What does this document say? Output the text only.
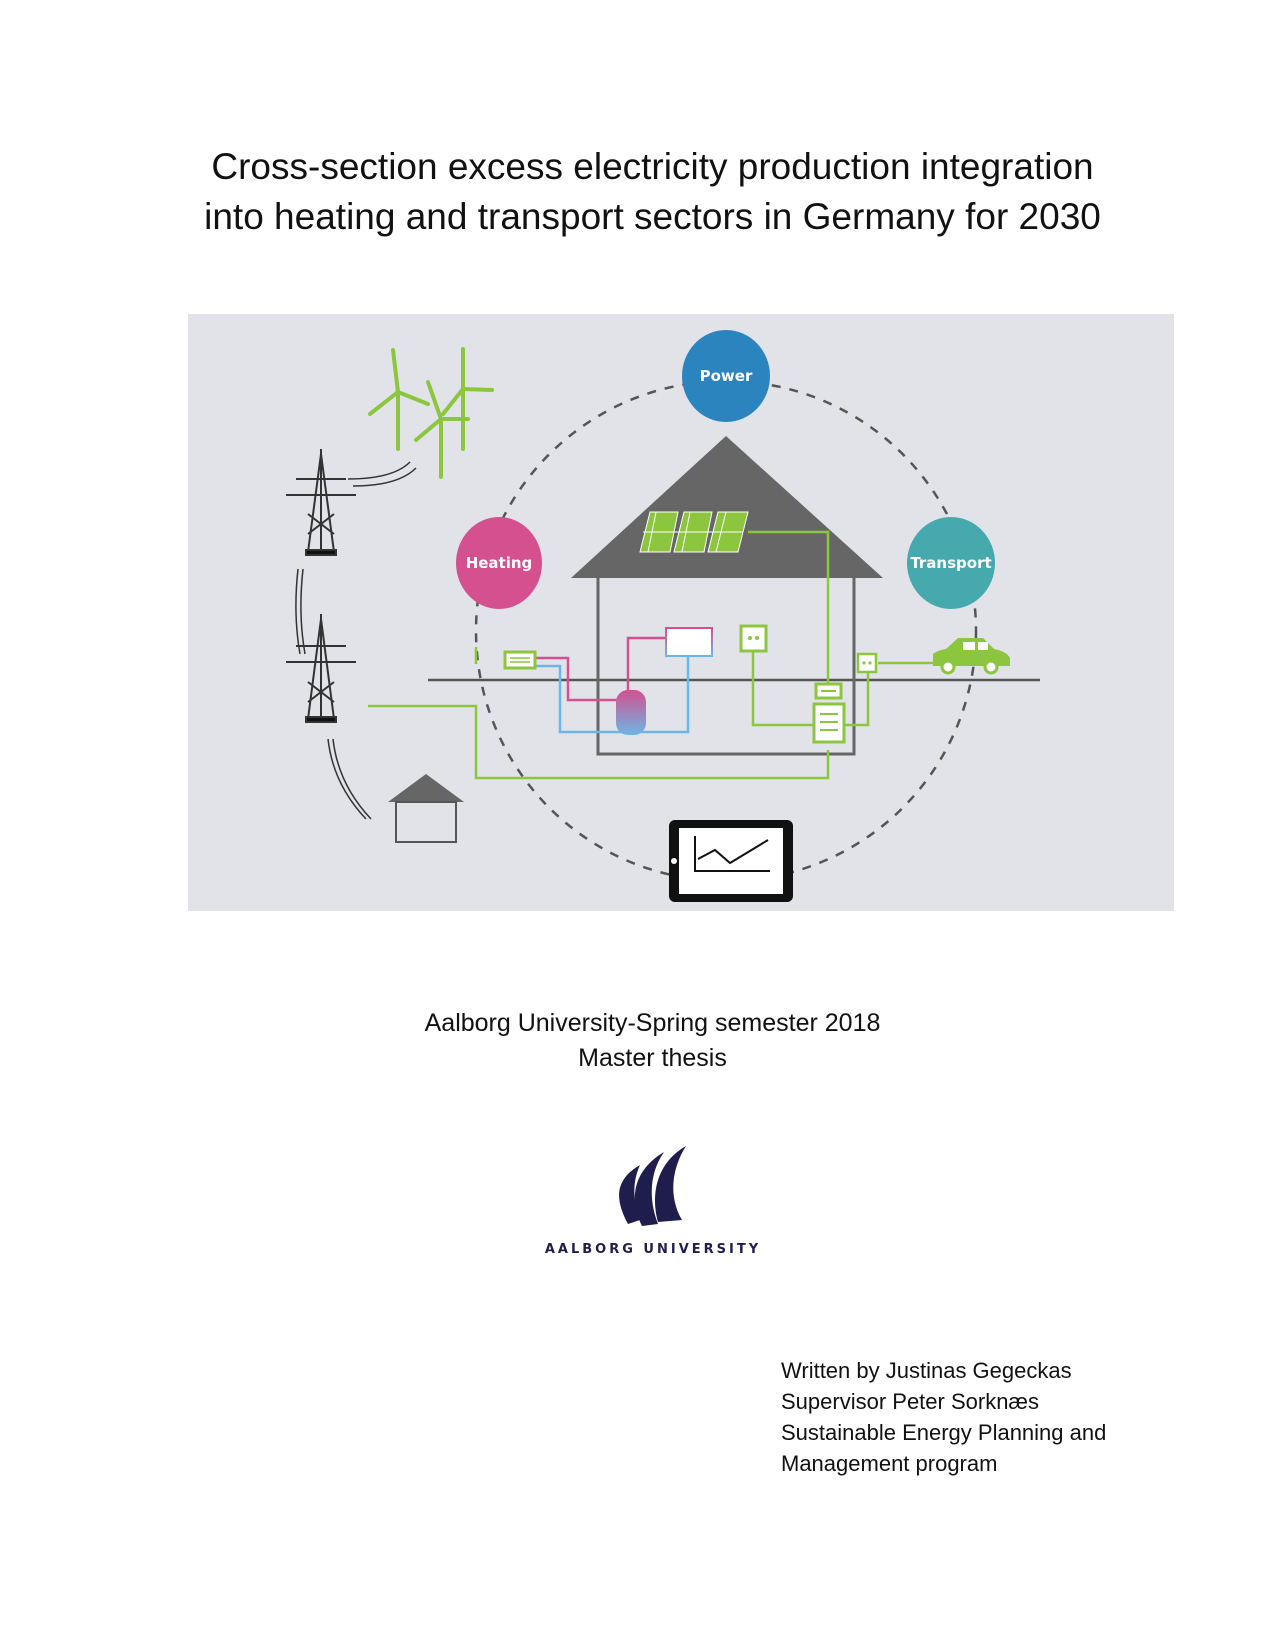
Cross-section excess electricity production integration
into heating and transport sectors in Germany for 2030
Power
Heating	Transport
Aalborg University-Spring semester 2018
Master thesis
AALBORG UNIVERSITY
Written by Justinas Gegeckas
Supervisor Peter Sorknæs
Sustainable Energy Planning and
Management program
